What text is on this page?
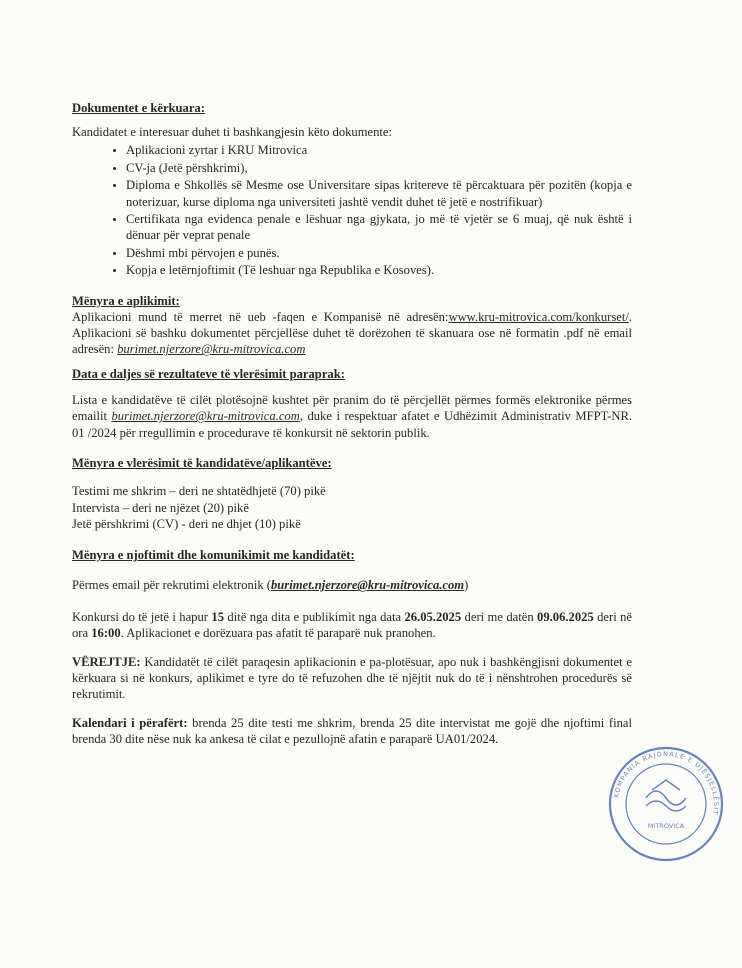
Dokumentet e kërkuara:

Kandidatet e interesuar duhet ti bashkangjesin këto dokumente:

• Aplikacioni zyrtar i KRU Mitrovica
• CV-ja (Jetë përshkrimi),
• Diploma e Shkollës së Mesme ose Universitare sipas kritereve të përcaktuara për pozitën (kopja e noterizuar, kurse diploma nga universiteti jashtë vendit duhet të jetë e nostrifikuar)
• Certifikata nga evidenca penale e lëshuar nga gjykata, jo më të vjetër se 6 muaj, që nuk është i dënuar për veprat penale
• Dëshmi mbi përvojen e punës.
• Kopja e letërnjoftimit (Të leshuar nga Republika e Kosoves).
Mënyra e aplikimit:

Aplikacioni mund të merret në ueb -faqen e Kompanisë në adresën:www.kru-mitrovica.com/konkurset/. Aplikacioni së bashku dokumentet përcjellëse duhet të dorëzohen të skanuara ose në formatin .pdf në email adresën: burimet.njerzore@kru-mitrovica.com

Data e daljes së rezultateve të vlerësimit paraprak:

Lista e kandidatëve të cilët plotësojnë kushtet për pranim do të përcjellët përmes formës elektronike përmes emailit burimet.njerzore@kru-mitrovica.com, duke i respektuar afatet e Udhëzimit Administrativ MFPT-NR. 01 /2024 për rregullimin e procedurave të konkursit në sektorin publik.

Mënyra e vlerësimit të kandidatëve/aplikantëve:

Testimi me shkrim – deri ne shtatëdhjetë (70) pikë

Intervista – deri ne njëzet (20) pikë

Jetë përshkrimi (CV) - deri ne dhjet (10) pikë

Mënyra e njoftimit dhe komunikimit me kandidatët:

Përmes email për rekrutimi elektronik (burimet.njerzore@kru-mitrovica.com)

Konkursi do të jetë i hapur 15 ditë nga dita e publikimit nga data 26.05.2025 deri me datën 09.06.2025 deri në ora 16:00. Aplikacionet e dorëzuara pas afatit të paraparë nuk pranohen.

VËREJTJE: Kandidatët të cilët paraqesin aplikacionin e pa-plotësuar, apo nuk i bashkëngjisni dokumentet e kërkuara si në konkurs, aplikimet e tyre do të refuzohen dhe të njëjtit nuk do të i nënshtrohen procedurës së rekrutimit.

Kalendari i përafërt: brenda 25 dite testi me shkrim, brenda 25 dite intervistat me gojë dhe njoftimi final brenda 30 dite nëse nuk ka ankesa të cilat e pezullojnë afatin e paraparë UA01/2024.

MITROVICA
KOMPANIA RAJONALE E UJËSJELLËSIT
